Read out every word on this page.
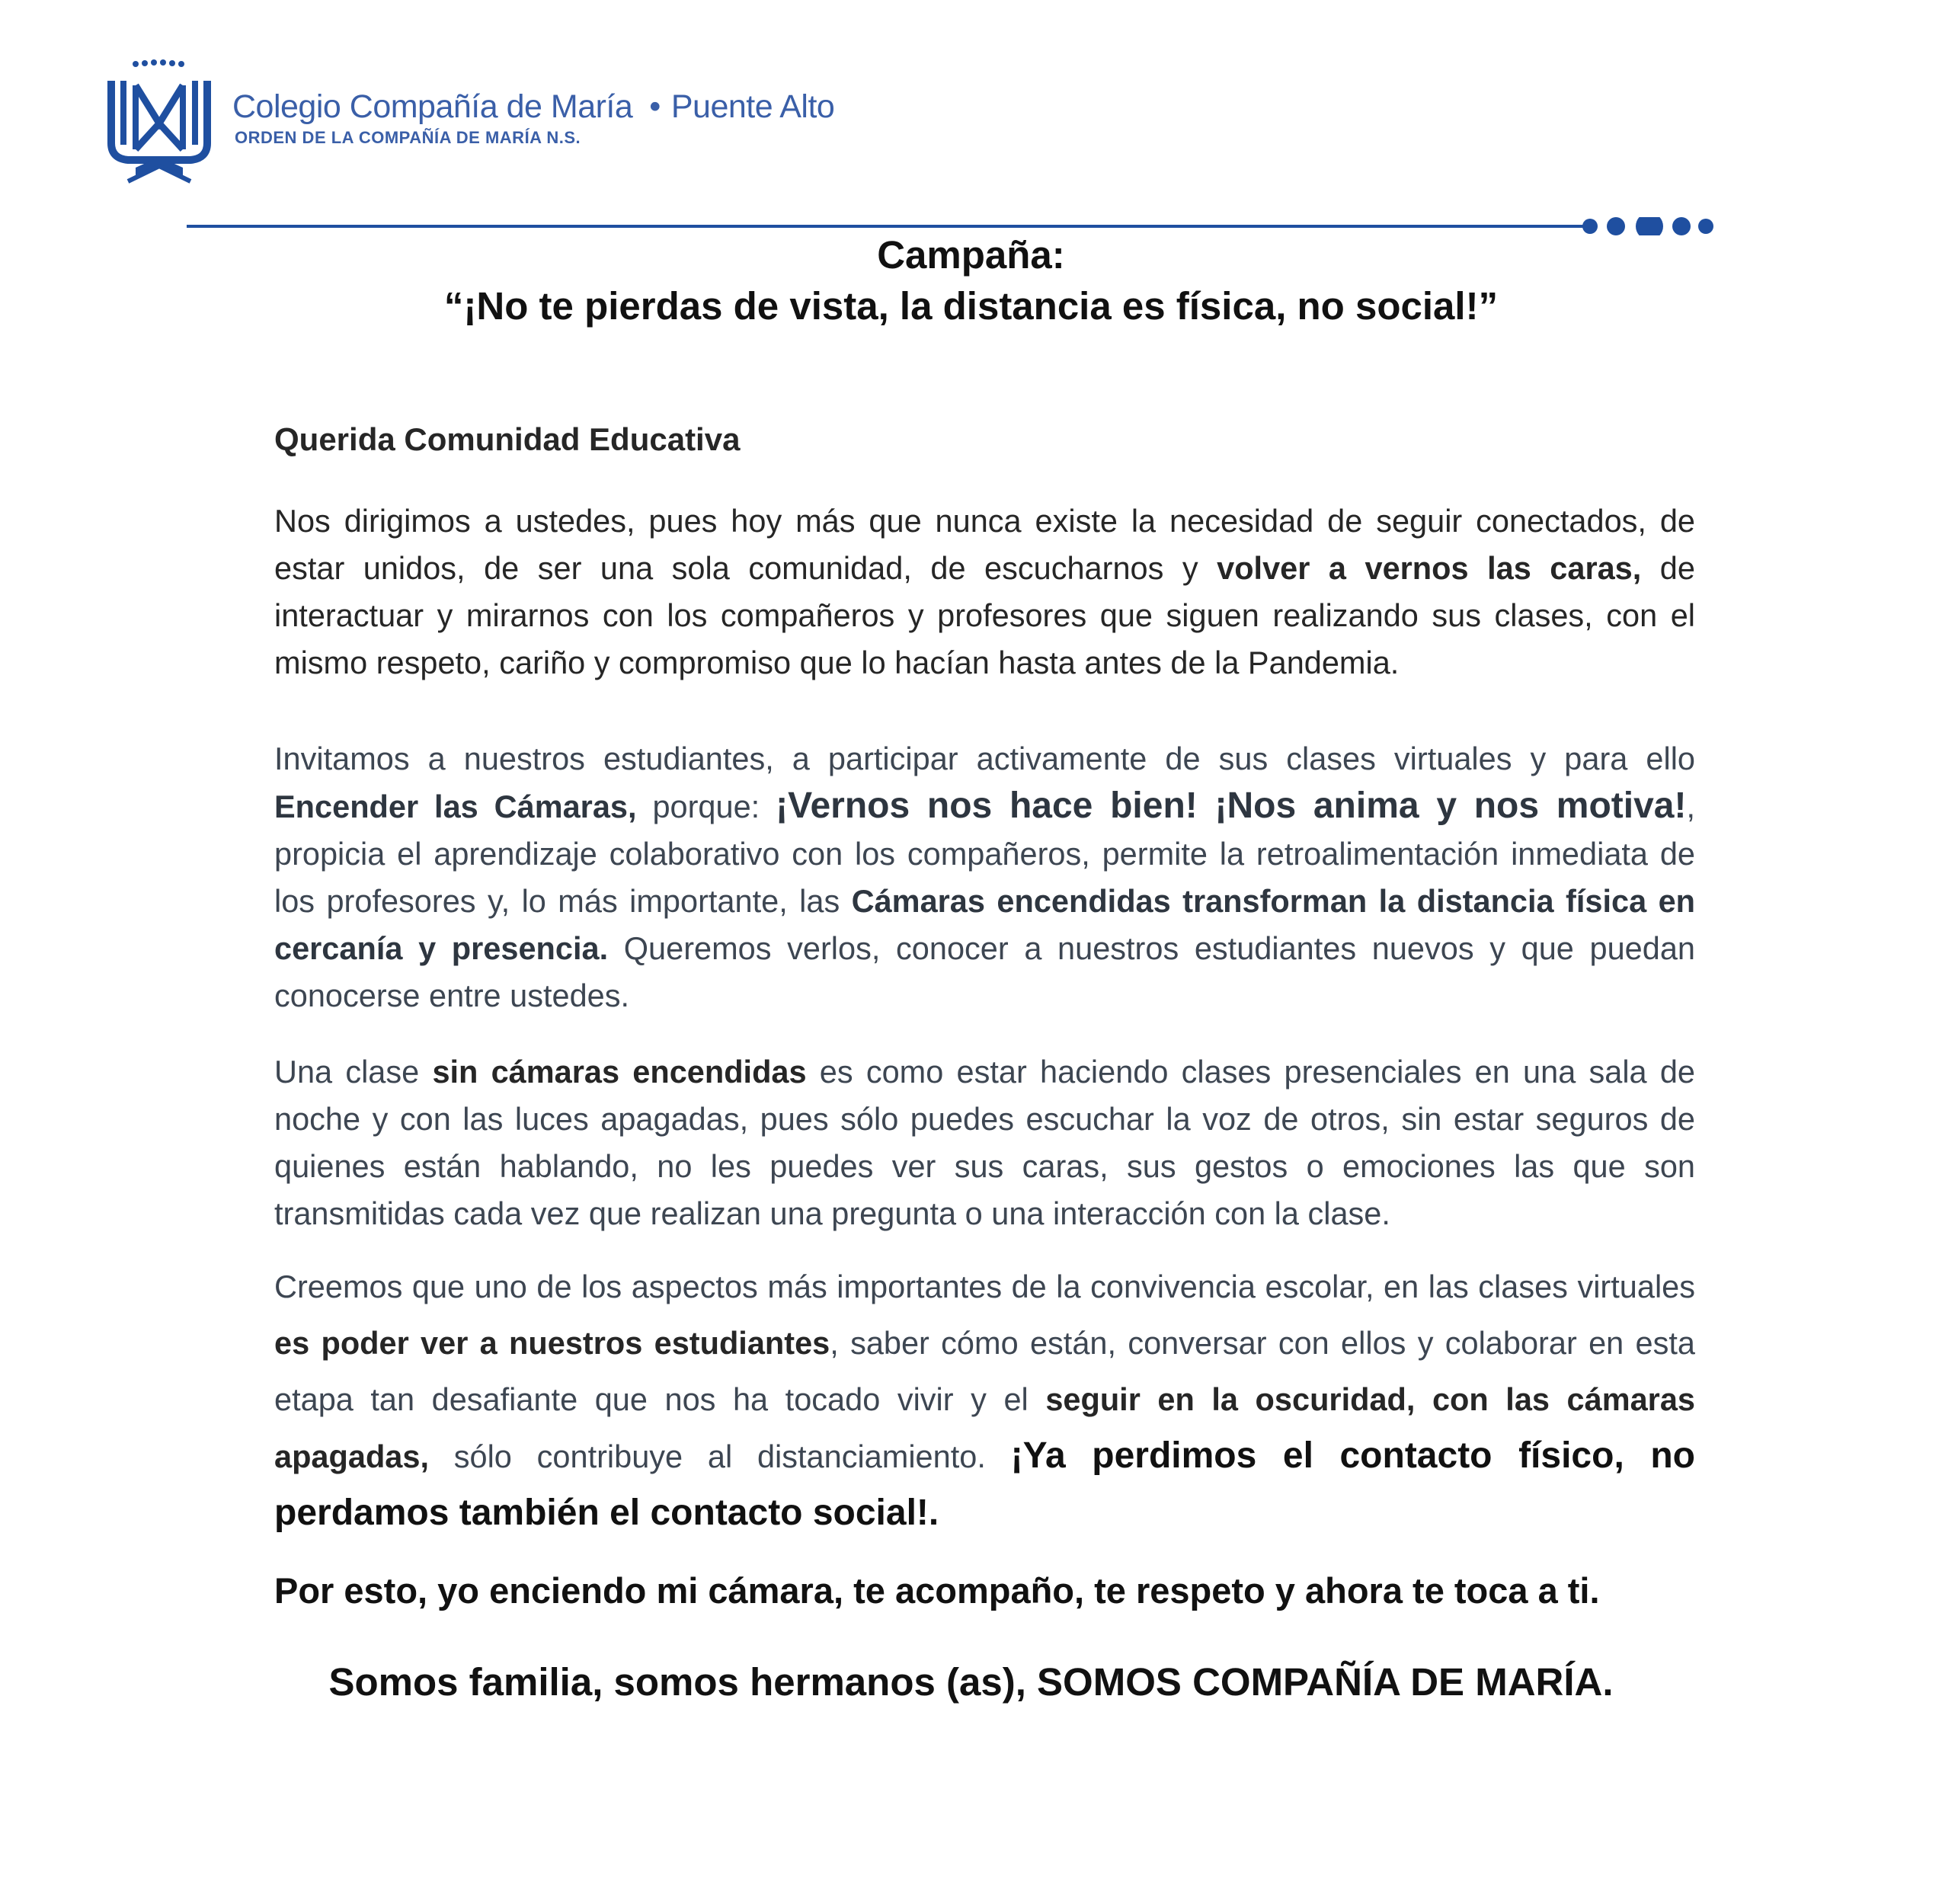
Colegio Compañía de María • Puente Alto
ORDEN DE LA COMPAÑÍA DE MARÍA N.S.
Campaña:
“¡No te pierdas de vista, la distancia es física, no social!”
Querida Comunidad Educativa

Nos dirigimos a ustedes, pues hoy más que nunca existe la necesidad de seguir conectados, de estar unidos, de ser una sola comunidad, de escucharnos y volver a vernos las caras, de interactuar y mirarnos con los compañeros y profesores que siguen realizando sus clases, con el mismo respeto, cariño y compromiso que lo hacían hasta antes de la Pandemia.

Invitamos a nuestros estudiantes, a participar activamente de sus clases virtuales y para ello Encender las Cámaras, porque: ¡Vernos nos hace bien! ¡Nos anima y nos motiva!, propicia el aprendizaje colaborativo con los compañeros, permite la retroalimentación inmediata de los profesores y, lo más importante, las Cámaras encendidas transforman la distancia física en cercanía y presencia. Queremos verlos, conocer a nuestros estudiantes nuevos y que puedan conocerse entre ustedes.

Una clase sin cámaras encendidas es como estar haciendo clases presenciales en una sala de noche y con las luces apagadas, pues sólo puedes escuchar la voz de otros, sin estar seguros de quienes están hablando, no les puedes ver sus caras, sus gestos o emociones las que son transmitidas cada vez que realizan una pregunta o una interacción con la clase.

Creemos que uno de los aspectos más importantes de la convivencia escolar, en las clases virtuales es poder ver a nuestros estudiantes, saber cómo están, conversar con ellos y colaborar en esta etapa tan desafiante que nos ha tocado vivir y el seguir en la oscuridad, con las cámaras apagadas, sólo contribuye al distanciamiento. ¡Ya perdimos el contacto físico, no perdamos también el contacto social!.

Por esto, yo enciendo mi cámara, te acompaño, te respeto y ahora te toca a ti.
Somos familia, somos hermanos (as), SOMOS COMPAÑÍA DE MARÍA.
